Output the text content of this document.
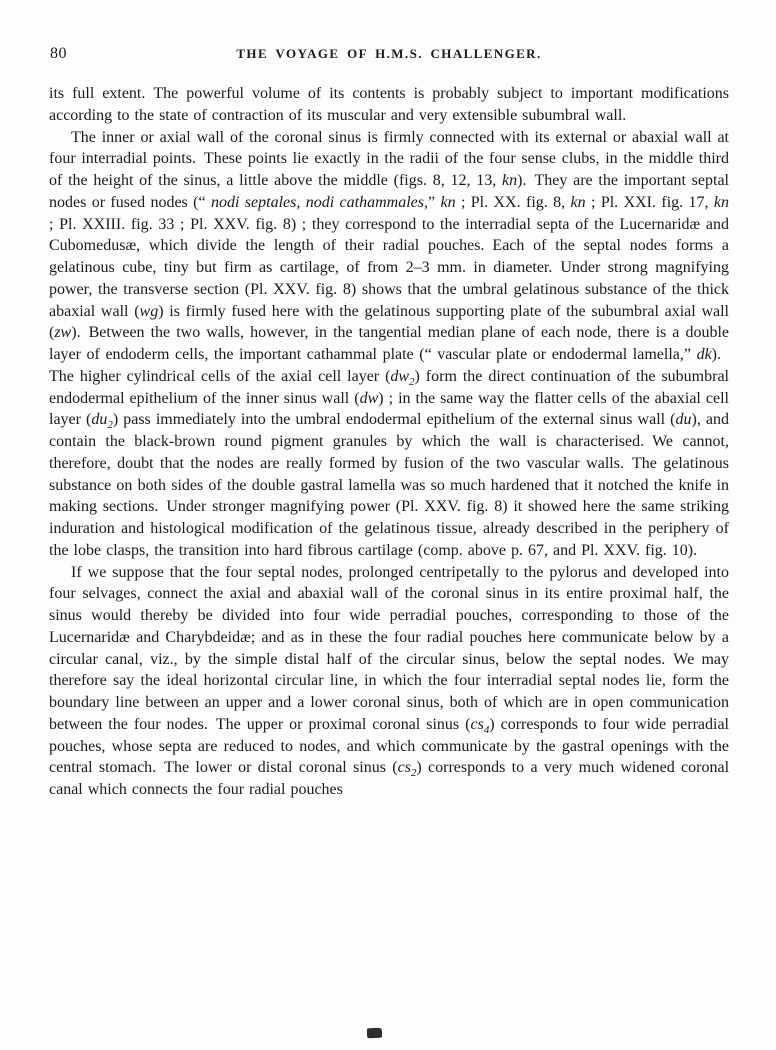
80	THE VOYAGE OF H.M.S. CHALLENGER.

its full extent. The powerful volume of its contents is probably subject to important modifications according to the state of contraction of its muscular and very extensible subumbral wall.

The inner or axial wall of the coronal sinus is firmly connected with its external or abaxial wall at four interradial points. These points lie exactly in the radii of the four sense clubs, in the middle third of the height of the sinus, a little above the middle (figs. 8, 12, 13, kn). They are the important septal nodes or fused nodes (“ nodi septales, nodi cathammales,” kn ; Pl. XX. fig. 8, kn ; Pl. XXI. fig. 17, kn ; Pl. XXIII. fig. 33 ; Pl. XXV. fig. 8) ; they correspond to the interradial septa of the Lucernaridæ and Cubomedusæ, which divide the length of their radial pouches. Each of the septal nodes forms a gelatinous cube, tiny but firm as cartilage, of from 2–3 mm. in diameter. Under strong magnifying power, the transverse section (Pl. XXV. fig. 8) shows that the umbral gelatinous substance of the thick abaxial wall (wg) is firmly fused here with the gelatinous supporting plate of the subumbral axial wall (zw). Between the two walls, however, in the tangential median plane of each node, there is a double layer of endoderm cells, the important cathammal plate (“ vascular plate or endodermal lamella,” dk). The higher cylindrical cells of the axial cell layer $(dw_2)$ form the direct continuation of the subumbral endodermal epithelium of the inner sinus wall (dw) ; in the same way the flatter cells of the abaxial cell layer $(du_2)$ pass immediately into the umbral endodermal epithelium of the external sinus wall (du), and contain the black-brown round pigment granules by which the wall is characterised. We cannot, therefore, doubt that the nodes are really formed by fusion of the two vascular walls. The gelatinous substance on both sides of the double gastral lamella was so much hardened that it notched the knife in making sections. Under stronger magnifying power (Pl. XXV. fig. 8) it showed here the same striking induration and histological modification of the gelatinous tissue, already described in the periphery of the lobe clasps, the transition into hard fibrous cartilage (comp. above p. 67, and Pl. XXV. fig. 10).

If we suppose that the four septal nodes, prolonged centripetally to the pylorus and developed into four selvages, connect the axial and abaxial wall of the coronal sinus in its entire proximal half, the sinus would thereby be divided into four wide perradial pouches, corresponding to those of the Lucernaridæ and Charybdeidæ; and as in these the four radial pouches here communicate below by a circular canal, viz., by the simple distal half of the circular sinus, below the septal nodes. We may therefore say the ideal horizontal circular line, in which the four interradial septal nodes lie, form the boundary line between an upper and a lower coronal sinus, both of which are in open communication between the four nodes. The upper or proximal coronal sinus $(cs_4)$ corresponds to four wide perradial pouches, whose septa are reduced to nodes, and which communicate by the gastral openings with the central stomach. The lower or distal coronal sinus $(cs_2)$ corresponds to a very much widened coronal canal which connects the four radial pouches
